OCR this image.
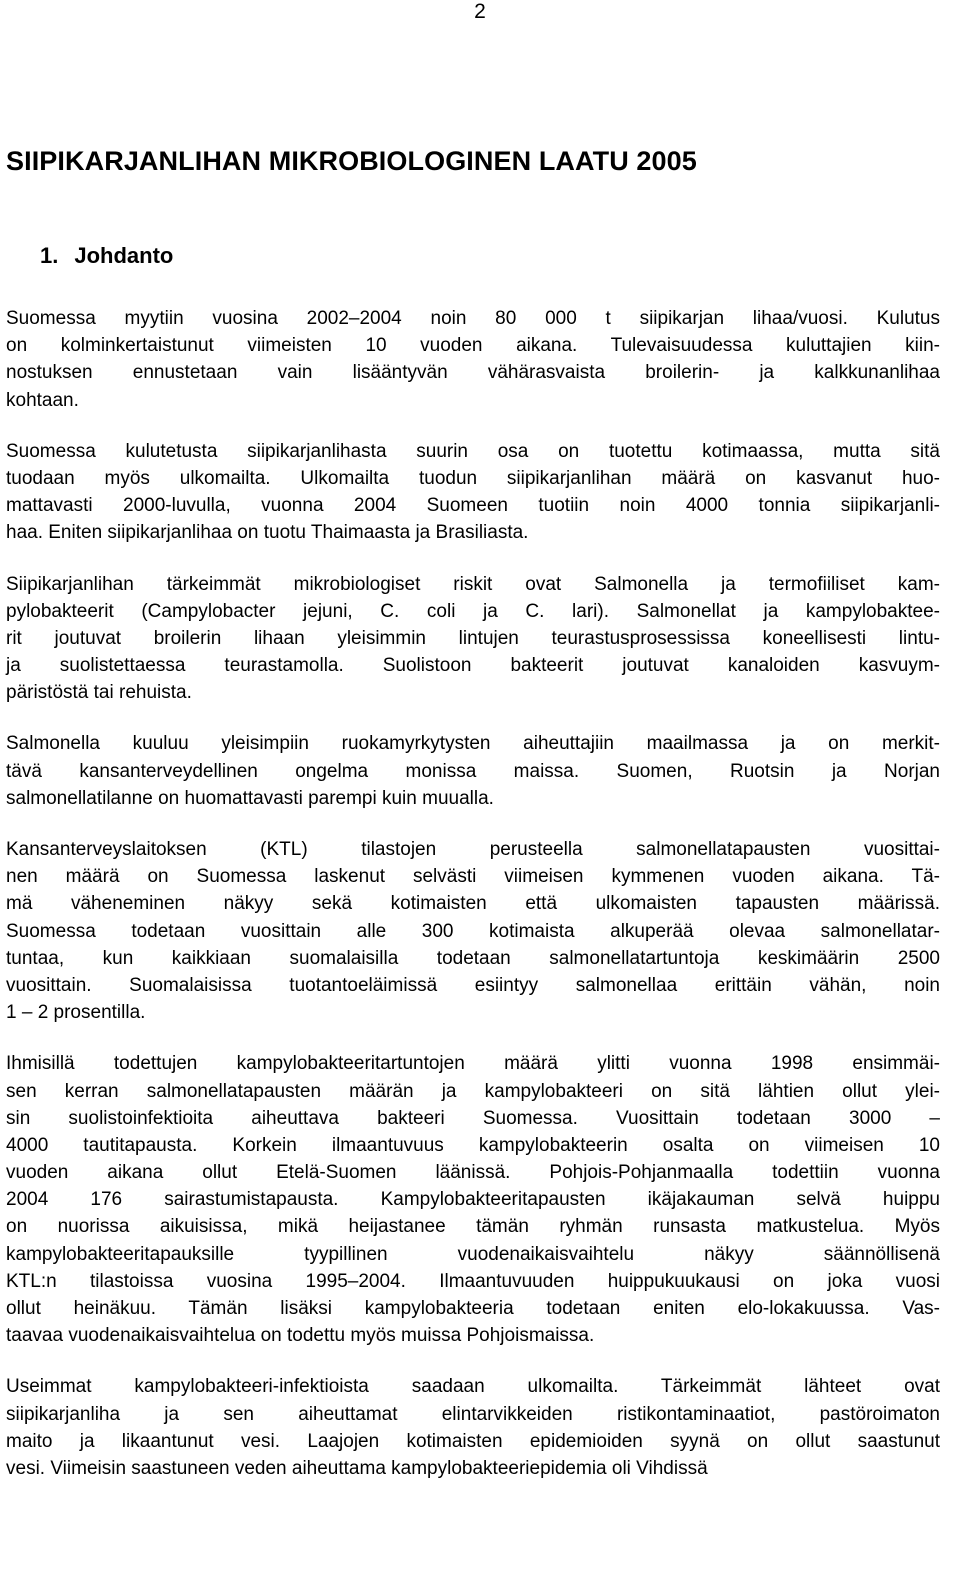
2
SIIPIKARJANLIHAN MIKROBIOLOGINEN LAATU 2005
1. Johdanto

Suomessa myytiin vuosina 2002–2004 noin 80 000 t siipikarjan lihaa/vuosi. Kulutus
on kolminkertaistunut viimeisten 10 vuoden aikana. Tulevaisuudessa kuluttajien kiin-
nostuksen ennustetaan vain lisääntyvän vähärasvaista broilerin- ja kalkkunanlihaa
kohtaan.

Suomessa kulutetusta siipikarjanlihasta suurin osa on tuotettu kotimaassa, mutta sitä
tuodaan myös ulkomailta. Ulkomailta tuodun siipikarjanlihan määrä on kasvanut huo-
mattavasti 2000-luvulla, vuonna 2004 Suomeen tuotiin noin 4000 tonnia siipikarjanli-
haa. Eniten siipikarjanlihaa on tuotu Thaimaasta ja Brasiliasta.

Siipikarjanlihan tärkeimmät mikrobiologiset riskit ovat Salmonella ja termofiiliset kam-
pylobakteerit (Campylobacter jejuni, C. coli ja C. lari). Salmonellat ja kampylobaktee-
rit joutuvat broilerin lihaan yleisimmin lintujen teurastusprosessissa koneellisesti lintu-
ja suolistettaessa teurastamolla. Suolistoon bakteerit joutuvat kanaloiden kasvuym-
päristöstä tai rehuista.

Salmonella kuuluu yleisimpiin ruokamyrkytysten aiheuttajiin maailmassa ja on merkit-
tävä kansanterveydellinen ongelma monissa maissa. Suomen, Ruotsin ja Norjan
salmonellatilanne on huomattavasti parempi kuin muualla.

Kansanterveyslaitoksen (KTL) tilastojen perusteella salmonellatapausten vuosittai-
nen määrä on Suomessa laskenut selvästi viimeisen kymmenen vuoden aikana. Tä-
mä väheneminen näkyy sekä kotimaisten että ulkomaisten tapausten määrissä.
Suomessa todetaan vuosittain alle 300 kotimaista alkuperää olevaa salmonellatar-
tuntaa, kun kaikkiaan suomalaisilla todetaan salmonellatartuntoja keskimäärin 2500
vuosittain. Suomalaisissa tuotantoeläimissä esiintyy salmonellaa erittäin vähän, noin
1 – 2 prosentilla.

Ihmisillä todettujen kampylobakteeritartuntojen määrä ylitti vuonna 1998 ensimmäi-
sen kerran salmonellatapausten määrän ja kampylobakteeri on sitä lähtien ollut ylei-
sin suolistoinfektioita aiheuttava bakteeri Suomessa. Vuosittain todetaan 3000 –
4000 tautitapausta. Korkein ilmaantuvuus kampylobakteerin osalta on viimeisen 10
vuoden aikana ollut Etelä-Suomen läänissä. Pohjois-Pohjanmaalla todettiin vuonna
2004 176 sairastumistapausta. Kampylobakteeritapausten ikäjakauman selvä huippu
on nuorissa aikuisissa, mikä heijastanee tämän ryhmän runsasta matkustelua. Myös
kampylobakteeritapauksille tyypillinen vuodenaikaisvaihtelu näkyy säännöllisenä
KTL:n tilastoissa vuosina 1995–2004. Ilmaantuvuuden huippukuukausi on joka vuosi
ollut heinäkuu. Tämän lisäksi kampylobakteeria todetaan eniten elo-lokakuussa. Vas-
taavaa vuodenaikaisvaihtelua on todettu myös muissa Pohjoismaissa.

Useimmat kampylobakteeri-infektioista saadaan ulkomailta. Tärkeimmät lähteet ovat
siipikarjanliha ja sen aiheuttamat elintarvikkeiden ristikontaminaatiot, pastöroimaton
maito ja likaantunut vesi. Laajojen kotimaisten epidemioiden syynä on ollut saastunut
vesi. Viimeisin saastuneen veden aiheuttama kampylobakteeriepidemia oli Vihdissä
